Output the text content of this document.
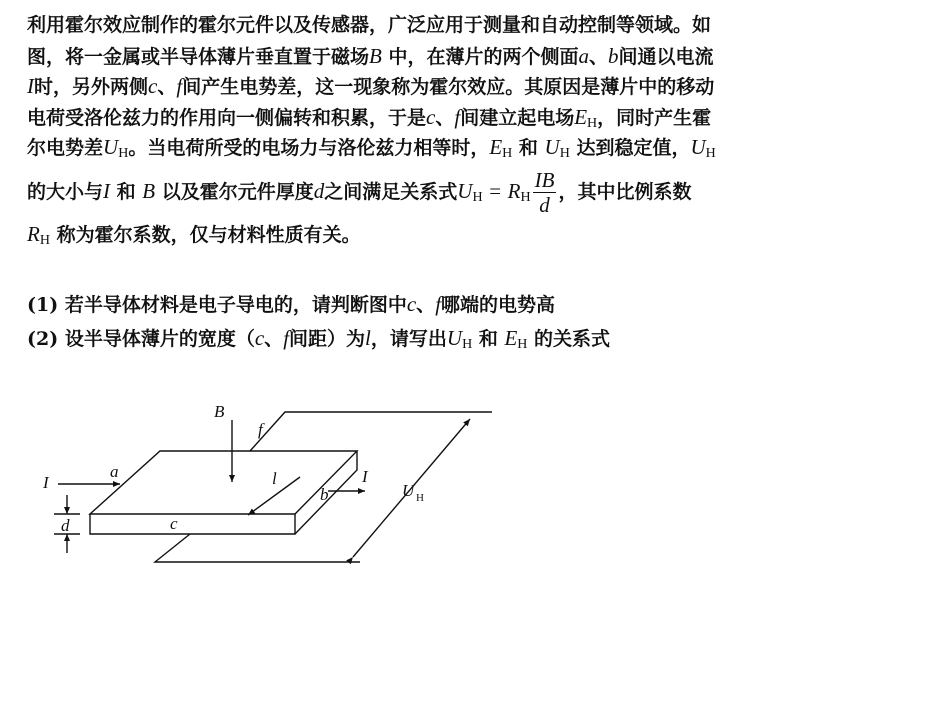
利用霍尔效应制作的霍尔元件以及传感器，广泛应用于测量和自动控制等领域。如
图，将一金属或半导体薄片垂直置于磁场B 中，在薄片的两个侧面a、b间通以电流
I时，另外两侧c、f间产生电势差，这一现象称为霍尔效应。其原因是薄片中的移动
电荷受洛伦兹力的作用向一侧偏转和积累，于是c、f间建立起电场$E_H$，同时产生霍
尔电势差$U_H$。当电荷所受的电场力与洛伦兹力相等时，$E_H$ 和 $U_H$ 达到稳定值，$U_H$
的大小与I 和 B 以及霍尔元件厚度d之间满足关系式$U_H = R_H \frac{IB}{d}$ ，其中比例系数
$R_H$ 称为霍尔系数，仅与材料性质有关。
(1) 若半导体材料是电子导电的，请判断图中c、f哪端的电势高
(2) 设半导体薄片的宽度（c、f间距）为l，请写出$U_H$ 和 $E_H$ 的关系式
B
f
I
a	l
b
I
U H
c
d
